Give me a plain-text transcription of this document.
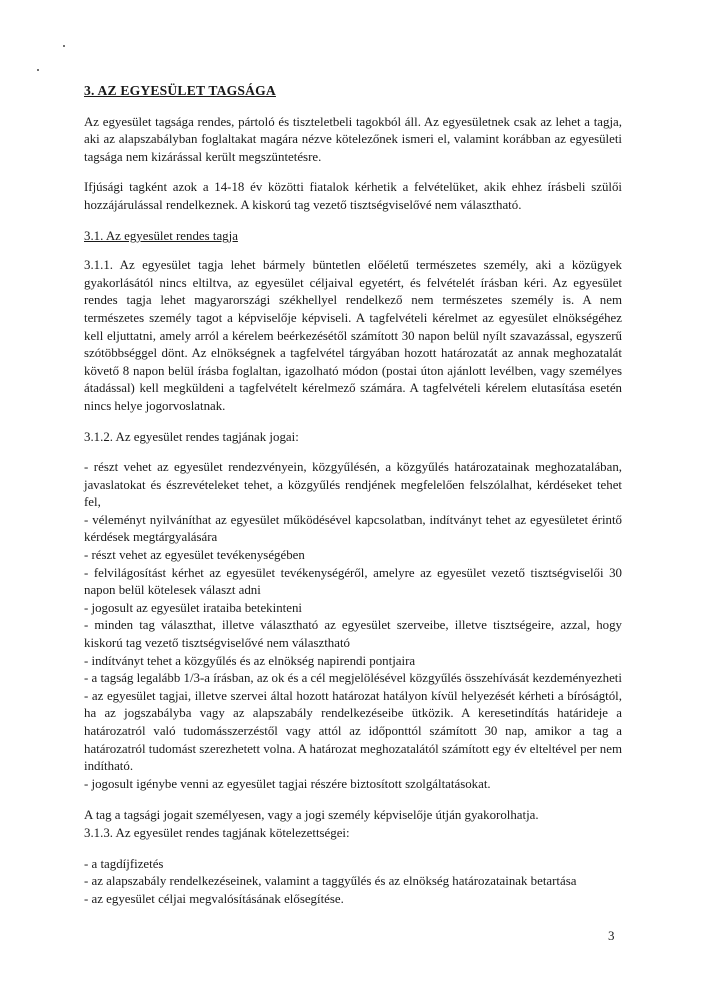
3. AZ EGYESÜLET TAGSÁGA

Az egyesület tagsága rendes, pártoló és tiszteletbeli tagokból áll. Az egyesületnek csak az lehet a tagja, aki az alapszabályban foglaltakat magára nézve kötelezőnek ismeri el, valamint korábban az egyesületi tagsága nem kizárással került megszüntetésre.

Ifjúsági tagként azok a 14-18 év közötti fiatalok kérhetik a felvételüket, akik ehhez írásbeli szülői hozzájárulással rendelkeznek. A kiskorú tag vezető tisztségviselővé nem választható.

3.1. Az egyesület rendes tagja

3.1.1. Az egyesület tagja lehet bármely büntetlen előéletű természetes személy, aki a közügyek gyakorlásától nincs eltiltva, az egyesület céljaival egyetért, és felvételét írásban kéri. Az egyesület rendes tagja lehet magyarországi székhellyel rendelkező nem természetes személy is. A nem természetes személy tagot a képviselője képviseli. A tagfelvételi kérelmet az egyesület elnökségéhez kell eljuttatni, amely arról a kérelem beérkezésétől számított 30 napon belül nyílt szavazással, egyszerű szótöbbséggel dönt. Az elnökségnek a tagfelvétel tárgyában hozott határozatát az annak meghozatalát követő 8 napon belül írásba foglaltan, igazolható módon (postai úton ajánlott levélben, vagy személyes átadással) kell megküldeni a tagfelvételt kérelmező számára. A tagfelvételi kérelem elutasítása esetén nincs helye jogorvoslatnak.

3.1.2. Az egyesület rendes tagjának jogai:

- részt vehet az egyesület rendezvényein, közgyűlésén, a közgyűlés határozatainak meghozatalában, javaslatokat és észrevételeket tehet, a közgyűlés rendjének megfelelően felszólalhat, kérdéseket tehet fel,
- véleményt nyilváníthat az egyesület működésével kapcsolatban, indítványt tehet az egyesületet érintő kérdések megtárgyalására
- részt vehet az egyesület tevékenységében
- felvilágosítást kérhet az egyesület tevékenységéről, amelyre az egyesület vezető tisztségviselői 30 napon belül kötelesek választ adni
- jogosult az egyesület irataiba betekinteni
- minden tag választhat, illetve választható az egyesület szerveibe, illetve tisztségeire, azzal, hogy kiskorú tag vezető tisztségviselővé nem választható
- indítványt tehet a közgyűlés és az elnökség napirendi pontjaira
- a tagság legalább 1/3-a írásban, az ok és a cél megjelölésével közgyűlés összehívását kezdeményezheti
- az egyesület tagjai, illetve szervei által hozott határozat hatályon kívül helyezését kérheti a bíróságtól, ha az jogszabályba vagy az alapszabály rendelkezéseibe ütközik. A keresetindítás határideje a határozatról való tudomásszerzéstől vagy attól az időponttól számított 30 nap, amikor a tag a határozatról tudomást szerezhetett volna. A határozat meghozatalától számított egy év elteltével per nem indítható.
- jogosult igénybe venni az egyesület tagjai részére biztosított szolgáltatásokat.

A tag a tagsági jogait személyesen, vagy a jogi személy képviselője útján gyakorolhatja.

3.1.3. Az egyesület rendes tagjának kötelezettségei:

- a tagdíjfizetés
- az alapszabály rendelkezéseinek, valamint a taggyűlés és az elnökség határozatainak betartása
- az egyesület céljai megvalósításának elősegítése.
3
